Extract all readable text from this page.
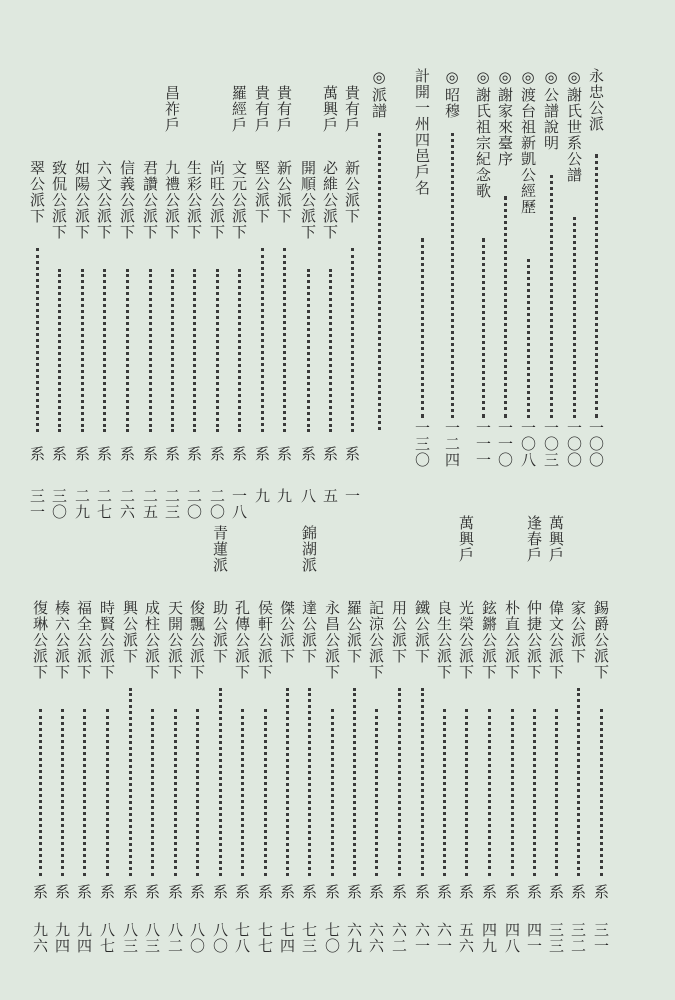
永忠公派
一〇〇
◎謝氏世系公譜
一〇〇
◎公譜說明
一〇三
◎渡台祖新凱公經歷
一〇八
◎謝家來臺序
一一〇
◎謝氏祖宗紀念歌
一一一
◎昭穆
一二四
計開一州四邑戶名
一三〇
◎派譜
新公派下
系
一
必維公派下
系
五
開順公派下
系
八
新公派下
系
九
堅公派下
系
九
文元公派下
系
一八
尚旺公派下
系
二〇
生彩公派下
系
二〇
九禮公派下
系
二三
君讚公派下
系
二五
信義公派下
系
二六
六文公派下
系
二七
如陽公派下
系
二九
致侃公派下
系
三〇
翠公派下
系
三一
錫爵公派下
系
三一
家公派下
系
三二
偉文公派下
系
三三
仲捷公派下
系
四一
朴直公派下
系
四八
鉉鏘公派下
系
四九
光榮公派下
系
五六
良生公派下
系
六一
鐵公派下
系
六一
用公派下
系
六二
記涼公派下
系
六六
羅公派下
系
六九
永昌公派下
系
七〇
達公派下
系
七三
傑公派下
系
七四
侯軒公派下
系
七七
孔傳公派下
系
七八
助公派下
系
八〇
俊飄公派下
系
八〇
天開公派下
系
八二
成柱公派下
系
八三
興公派下
系
八三
時賢公派下
系
八七
福全公派下
系
九四
楱六公派下
系
九四
復琳公派下
系
九六
貴有戶
萬興戶
貴有戶
貴有戶
羅經戶
昌祚戶
萬興戶
逢春戶
萬興戶
錦湖派
青蓮派
